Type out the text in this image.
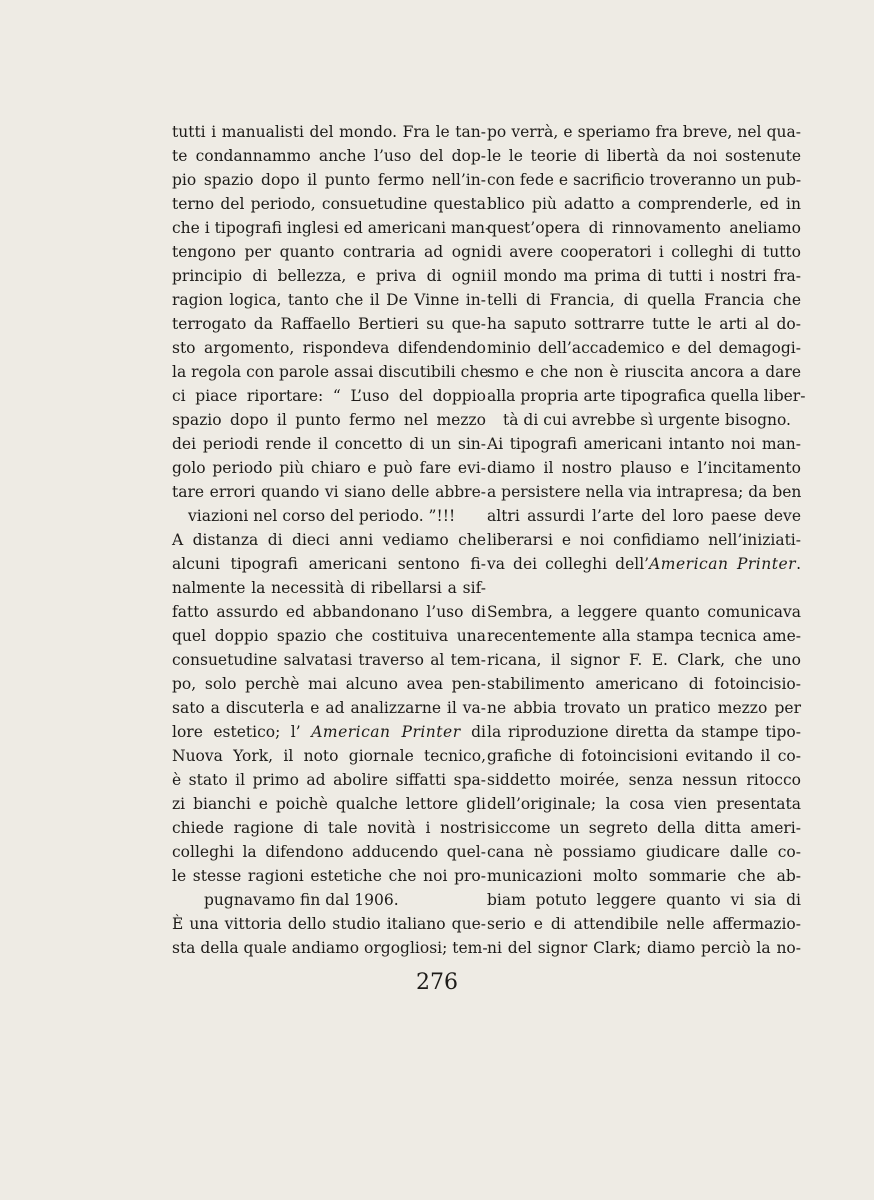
tutti i manualisti del mondo. Fra le tan-
te condannammo anche l’uso del dop-
pio spazio dopo il punto fermo nell’in-
terno del periodo, consuetudine questa
che i tipografi inglesi ed americani man-
tengono per quanto contraria ad ogni
principio di bellezza, e priva di ogni
ragion logica, tanto che il De Vinne in-
terrogato da Raffaello Bertieri su que-
sto argomento, rispondeva difendendo
la regola con parole assai discutibili che
ci piace riportare: “ L’uso del doppio
spazio dopo il punto fermo nel mezzo
dei periodi rende il concetto di un sin-
golo periodo più chiaro e può fare evi-
tare errori quando vi siano delle abbre-
viazioni nel corso del periodo. ”!!!
A distanza di dieci anni vediamo che
alcuni tipografi americani sentono fi-
nalmente la necessità di ribellarsi a sif-
fatto assurdo ed abbandonano l’uso di
quel doppio spazio che costituiva una
consuetudine salvatasi traverso al tem-
po, solo perchè mai alcuno avea pen-
sato a discuterla e ad analizzarne il va-
lore estetico; l’ American Printer di
Nuova York, il noto giornale tecnico,
è stato il primo ad abolire siffatti spa-
zi bianchi e poichè qualche lettore gli
chiede ragione di tale novità i nostri
colleghi la difendono adducendo quel-
le stesse ragioni estetiche che noi pro-
pugnavamo fin dal 1906.
È una vittoria dello studio italiano que-
sta della quale andiamo orgogliosi; tem-
po verrà, e speriamo fra breve, nel qua-
le le teorie di libertà da noi sostenute
con fede e sacrificio troveranno un pub-
blico più adatto a comprenderle, ed in
quest’opera di rinnovamento aneliamo
di avere cooperatori i colleghi di tutto
il mondo ma prima di tutti i nostri fra-
telli di Francia, di quella Francia che
ha saputo sottrarre tutte le arti al do-
minio dell’accademico e del demagogi-
smo e che non è riuscita ancora a dare
alla propria arte tipografica quella liber-
tà di cui avrebbe sì urgente bisogno.
Ai tipografi americani intanto noi man-
diamo il nostro plauso e l’incitamento
a persistere nella via intrapresa; da ben
altri assurdi l’arte del loro paese deve
liberarsi e noi confidiamo nell’iniziati-
va dei colleghi dell’American Printer.
Sembra, a leggere quanto comunicava
recentemente alla stampa tecnica ame-
ricana, il signor F. E. Clark, che uno
stabilimento americano di fotoincisio-
ne abbia trovato un pratico mezzo per
la riproduzione diretta da stampe tipo-
grafiche di fotoincisioni evitando il co-
siddetto moirée, senza nessun ritocco
dell’originale; la cosa vien presentata
siccome un segreto della ditta ameri-
cana nè possiamo giudicare dalle co-
municazioni molto sommarie che ab-
biam potuto leggere quanto vi sia di
serio e di attendibile nelle affermazio-
ni del signor Clark; diamo perciò la no-
276
